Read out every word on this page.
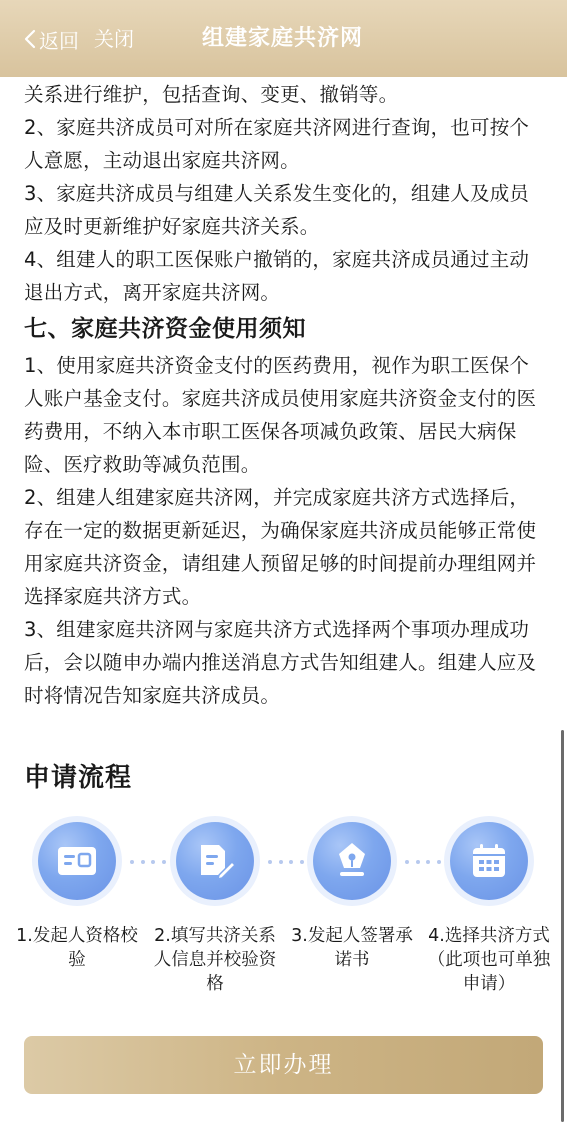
返回 关闭	组建家庭共济网

关系进行维护，包括查询、变更、撤销等。

2、家庭共济成员可对所在家庭共济网进行查询，也可按个人意愿，主动退出家庭共济网。

3、家庭共济成员与组建人关系发生变化的，组建人及成员应及时更新维护好家庭共济关系。

4、组建人的职工医保账户撤销的，家庭共济成员通过主动退出方式，离开家庭共济网。

七、家庭共济资金使用须知

1、使用家庭共济资金支付的医药费用，视作为职工医保个人账户基金支付。家庭共济成员使用家庭共济资金支付的医药费用，不纳入本市职工医保各项减负政策、居民大病保险、医疗救助等减负范围。

2、组建人组建家庭共济网，并完成家庭共济方式选择后，存在一定的数据更新延迟，为确保家庭共济成员能够正常使用家庭共济资金，请组建人预留足够的时间提前办理组网并选择家庭共济方式。

3、组建家庭共济网与家庭共济方式选择两个事项办理成功后，会以随申办端内推送消息方式告知组建人。组建人应及时将情况告知家庭共济成员。

申请流程
1.发起人资格校验
2.填写共济关系人信息并校验资格
3.发起人签署承诺书
4.选择共济方式（此项也可单独申请）
立即办理
